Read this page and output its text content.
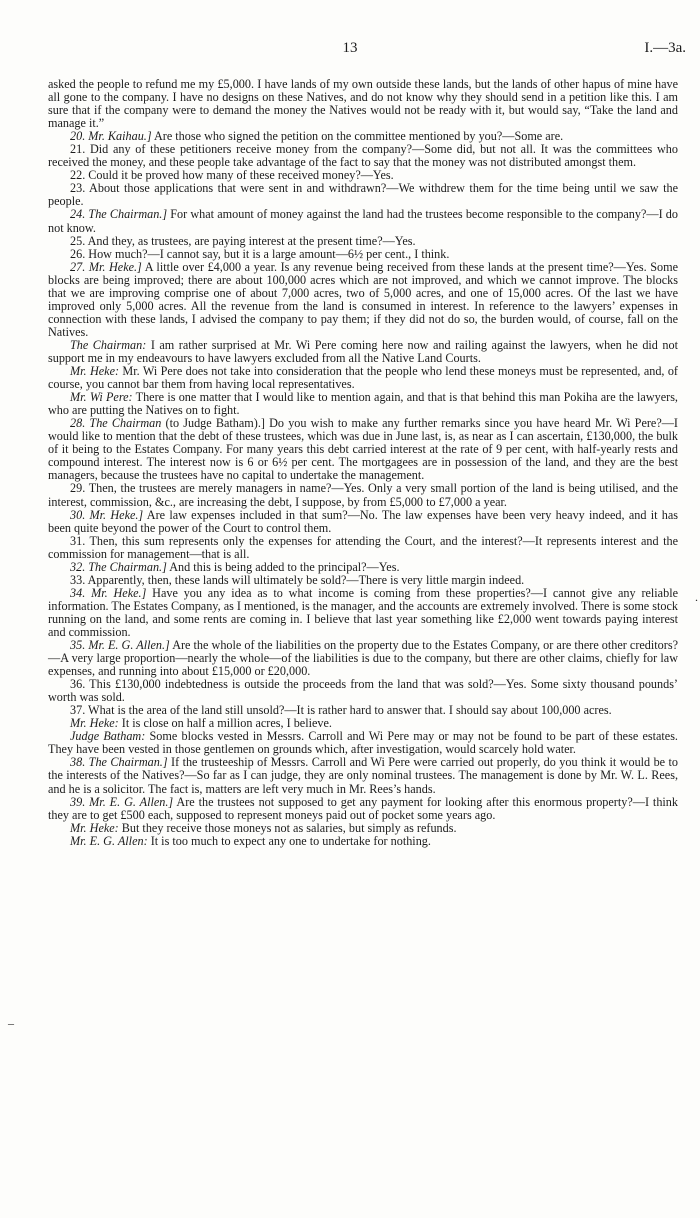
13	I.—3a.
.
–

asked the people to refund me my £5,000. I have lands of my own outside these lands, but the lands of other hapus of mine have all gone to the company. I have no designs on these Natives, and do not know why they should send in a petition like this. I am sure that if the company were to demand the money the Natives would not be ready with it, but would say, “Take the land and manage it.”

20. Mr. Kaihau.] Are those who signed the petition on the committee mentioned by you?—Some are.

21. Did any of these petitioners receive money from the company?—Some did, but not all. It was the committees who received the money, and these people take advantage of the fact to say that the money was not distributed amongst them.

22. Could it be proved how many of these received money?—Yes.

23. About those applications that were sent in and withdrawn?—We withdrew them for the time being until we saw the people.

24. The Chairman.] For what amount of money against the land had the trustees become responsible to the company?—I do not know.

25. And they, as trustees, are paying interest at the present time?—Yes.

26. How much?—I cannot say, but it is a large amount—6½ per cent., I think.

27. Mr. Heke.] A little over £4,000 a year. Is any revenue being received from these lands at the present time?—Yes. Some blocks are being improved; there are about 100,000 acres which are not improved, and which we cannot improve. The blocks that we are improving comprise one of about 7,000 acres, two of 5,000 acres, and one of 15,000 acres. Of the last we have improved only 5,000 acres. All the revenue from the land is consumed in interest. In reference to the lawyers’ expenses in connection with these lands, I advised the company to pay them; if they did not do so, the burden would, of course, fall on the Natives.

The Chairman: I am rather surprised at Mr. Wi Pere coming here now and railing against the lawyers, when he did not support me in my endeavours to have lawyers excluded from all the Native Land Courts.

Mr. Heke: Mr. Wi Pere does not take into consideration that the people who lend these moneys must be represented, and, of course, you cannot bar them from having local representatives.

Mr. Wi Pere: There is one matter that I would like to mention again, and that is that behind this man Pokiha are the lawyers, who are putting the Natives on to fight.

28. The Chairman (to Judge Batham).] Do you wish to make any further remarks since you have heard Mr. Wi Pere?—I would like to mention that the debt of these trustees, which was due in June last, is, as near as I can ascertain, £130,000, the bulk of it being to the Estates Company. For many years this debt carried interest at the rate of 9 per cent, with half-yearly rests and compound interest. The interest now is 6 or 6½ per cent. The mortgagees are in possession of the land, and they are the best managers, because the trustees have no capital to undertake the management.

29. Then, the trustees are merely managers in name?—Yes. Only a very small portion of the land is being utilised, and the interest, commission, &c., are increasing the debt, I suppose, by from £5,000 to £7,000 a year.

30. Mr. Heke.] Are law expenses included in that sum?—No. The law expenses have been very heavy indeed, and it has been quite beyond the power of the Court to control them.

31. Then, this sum represents only the expenses for attending the Court, and the interest?—It represents interest and the commission for management—that is all.

32. The Chairman.] And this is being added to the principal?—Yes.

33. Apparently, then, these lands will ultimately be sold?—There is very little margin indeed.

34. Mr. Heke.] Have you any idea as to what income is coming from these properties?—I cannot give any reliable information. The Estates Company, as I mentioned, is the manager, and the accounts are extremely involved. There is some stock running on the land, and some rents are coming in. I believe that last year something like £2,000 went towards paying interest and commission.

35. Mr. E. G. Allen.] Are the whole of the liabilities on the property due to the Estates Company, or are there other creditors?—A very large proportion—nearly the whole—of the liabilities is due to the company, but there are other claims, chiefly for law expenses, and running into about £15,000 or £20,000.

36. This £130,000 indebtedness is outside the proceeds from the land that was sold?—Yes. Some sixty thousand pounds’ worth was sold.

37. What is the area of the land still unsold?—It is rather hard to answer that. I should say about 100,000 acres.

Mr. Heke: It is close on half a million acres, I believe.

Judge Batham: Some blocks vested in Messrs. Carroll and Wi Pere may or may not be found to be part of these estates. They have been vested in those gentlemen on grounds which, after investigation, would scarcely hold water.

38. The Chairman.] If the trusteeship of Messrs. Carroll and Wi Pere were carried out properly, do you think it would be to the interests of the Natives?—So far as I can judge, they are only nominal trustees. The management is done by Mr. W. L. Rees, and he is a solicitor. The fact is, matters are left very much in Mr. Rees’s hands.

39. Mr. E. G. Allen.] Are the trustees not supposed to get any payment for looking after this enormous property?—I think they are to get £500 each, supposed to represent moneys paid out of pocket some years ago.

Mr. Heke: But they receive those moneys not as salaries, but simply as refunds.

Mr. E. G. Allen: It is too much to expect any one to undertake for nothing.
